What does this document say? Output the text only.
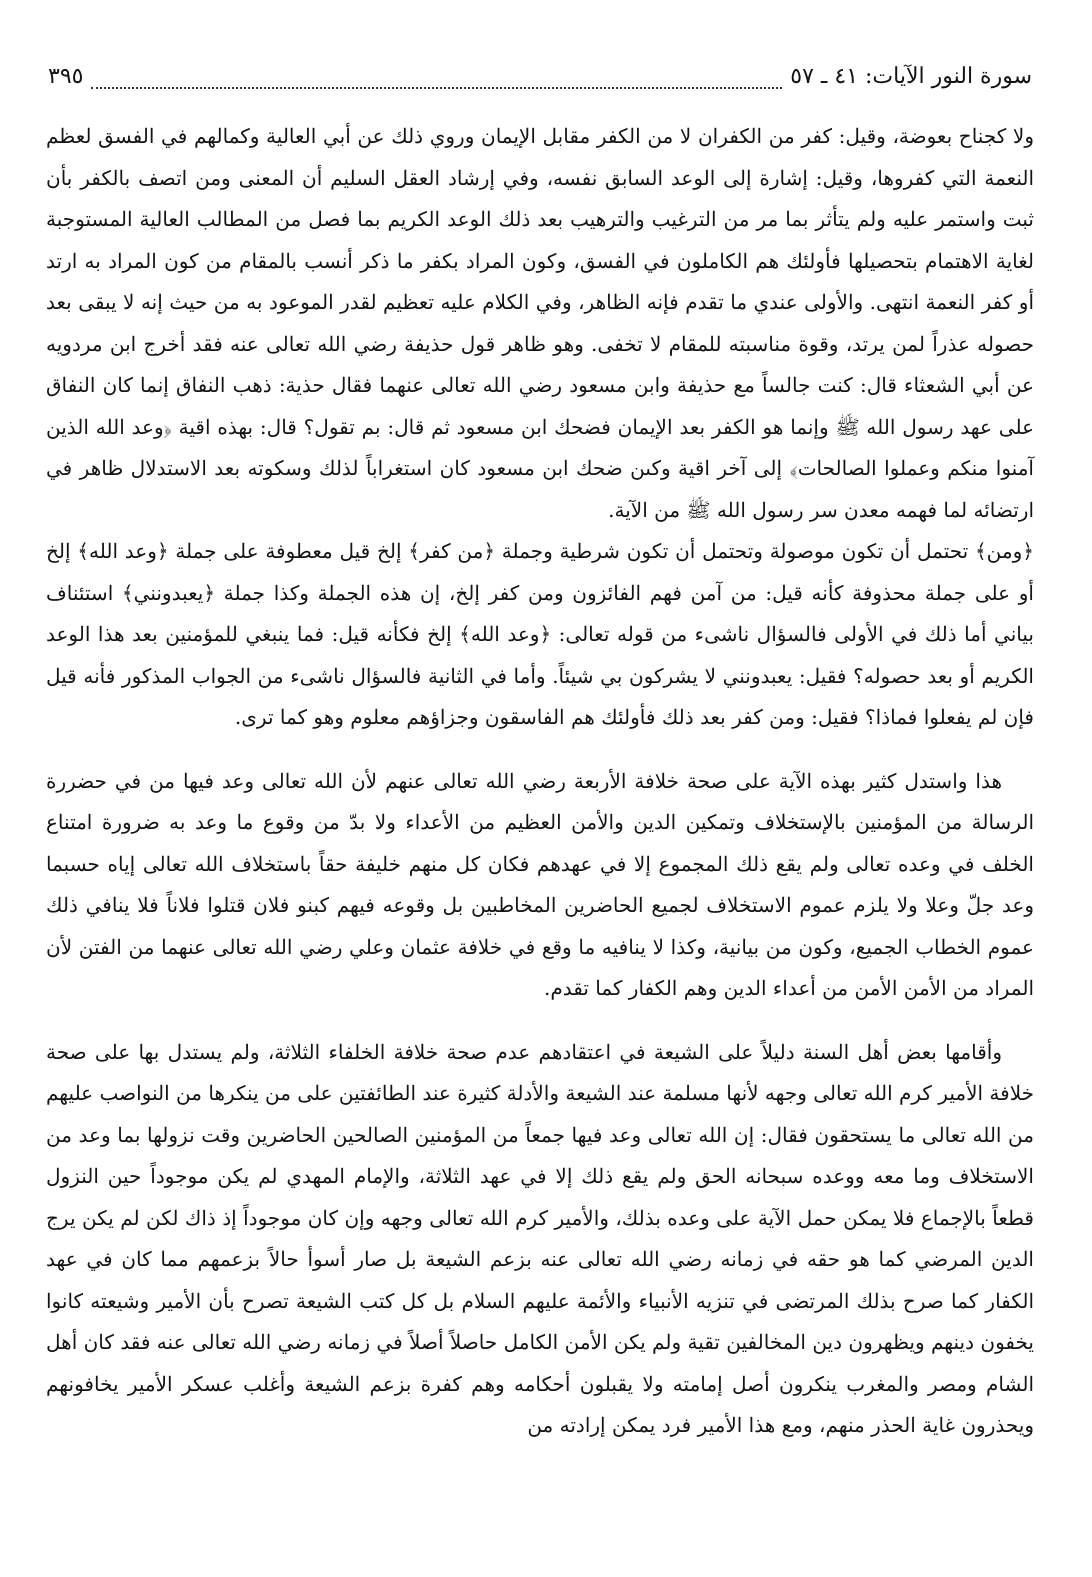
سورة النور الآيات: ٤١ ـ ٥٧
٣٩٥

ولا كجناح بعوضة، وقيل: كفر من الكفران لا من الكفر مقابل الإيمان وروي ذلك عن أبي العالية وكمالهم في الفسق لعظم النعمة التي كفروها، وقيل: إشارة إلى الوعد السابق نفسه، وفي إرشاد العقل السليم أن المعنى ومن اتصف بالكفر بأن ثبت واستمر عليه ولم يتأثر بما مر من الترغيب والترهيب بعد ذلك الوعد الكريم بما فصل من المطالب العالية المستوجبة لغاية الاهتمام بتحصيلها فأولئك هم الكاملون في الفسق، وكون المراد بكفر ما ذكر أنسب بالمقام من كون المراد به ارتد أو كفر النعمة انتهى. والأولى عندي ما تقدم فإنه الظاهر، وفي الكلام عليه تعظيم لقدر الموعود به من حيث إنه لا يبقى بعد حصوله عذراً لمن يرتد، وقوة مناسبته للمقام لا تخفى. وهو ظاهر قول حذيفة رضي الله تعالى عنه فقد أخرج ابن مردويه عن أبي الشعثاء قال: كنت جالساً مع حذيفة وابن مسعود رضي الله تعالى عنهما فقال حذية: ذهب النفاق إنما كان النفاق على عهد رسول الله ﷺ وإنما هو الكفر بعد الإيمان فضحك ابن مسعود ثم قال: بم تقول؟ قال: بهذه اقية ﴿وعد الله الذين آمنوا منكم وعملوا الصالحات﴾ إلى آخر اقية وكىن ضحك ابن مسعود كان استغراباً لذلك وسكوته بعد الاستدلال ظاهر في ارتضائه لما فهمه معدن سر رسول الله ﷺ من الآية.

﴿ومن﴾ تحتمل أن تكون موصولة وتحتمل أن تكون شرطية وجملة ﴿من كفر﴾ إلخ قيل معطوفة على جملة ﴿وعد الله﴾ إلخ أو على جملة محذوفة كأنه قيل: من آمن فهم الفائزون ومن كفر إلخ، إن هذه الجملة وكذا جملة ﴿يعبدونني﴾ استئناف بياني أما ذلك في الأولى فالسؤال ناشىء من قوله تعالى: ﴿وعد الله﴾ إلخ فكأنه قيل: فما ينبغي للمؤمنين بعد هذا الوعد الكريم أو بعد حصوله؟ فقيل: يعبدونني لا يشركون بي شيئاً. وأما في الثانية فالسؤال ناشىء من الجواب المذكور فأنه قيل فإن لم يفعلوا فماذا؟ فقيل: ومن كفر بعد ذلك فأولئك هم الفاسقون وجزاؤهم معلوم وهو كما ترى.

هذا واستدل كثير بهذه الآية على صحة خلافة الأربعة رضي الله تعالى عنهم لأن الله تعالى وعد فيها من في حضررة الرسالة من المؤمنين بالإستخلاف وتمكين الدين والأمن العظيم من الأعداء ولا بدّ من وقوع ما وعد به ضرورة امتناع الخلف في وعده تعالى ولم يقع ذلك المجموع إلا في عهدهم فكان كل منهم خليفة حقاً باستخلاف الله تعالى إياه حسبما وعد جلّ وعلا ولا يلزم عموم الاستخلاف لجميع الحاضرين المخاطبين بل وقوعه فيهم كبنو فلان قتلوا فلاناً فلا ينافي ذلك عموم الخطاب الجميع، وكون من بيانية، وكذا لا ينافيه ما وقع في خلافة عثمان وعلي رضي الله تعالى عنهما من الفتن لأن المراد من الأمن الأمن من أعداء الدين وهم الكفار كما تقدم.

وأقامها بعض أهل السنة دليلاً على الشيعة في اعتقادهم عدم صحة خلافة الخلفاء الثلاثة، ولم يستدل بها على صحة خلافة الأمير كرم الله تعالى وجهه لأنها مسلمة عند الشيعة والأدلة كثيرة عند الطائفتين على من ينكرها من النواصب عليهم من الله تعالى ما يستحقون فقال: إن الله تعالى وعد فيها جمعاً من المؤمنين الصالحين الحاضرين وقت نزولها بما وعد من الاستخلاف وما معه ووعده سبحانه الحق ولم يقع ذلك إلا في عهد الثلاثة، والإمام المهدي لم يكن موجوداً حين النزول قطعاً بالإجماع فلا يمكن حمل الآية على وعده بذلك، والأمير كرم الله تعالى وجهه وإن كان موجوداً إذ ذاك لكن لم يكن يرج الدين المرضي كما هو حقه في زمانه رضي الله تعالى عنه بزعم الشيعة بل صار أسوأ حالاً بزعمهم مما كان في عهد الكفار كما صرح بذلك المرتضى في تنزيه الأنبياء والأئمة عليهم السلام بل كل كتب الشيعة تصرح بأن الأمير وشيعته كانوا يخفون دينهم ويظهرون دين المخالفين تقية ولم يكن الأمن الكامل حاصلاً أصلاً في زمانه رضي الله تعالى عنه فقد كان أهل الشام ومصر والمغرب ينكرون أصل إمامته ولا يقبلون أحكامه وهم كفرة بزعم الشيعة وأغلب عسكر الأمير يخافونهم ويحذرون غاية الحذر منهم، ومع هذا الأمير فرد يمكن إرادته من
